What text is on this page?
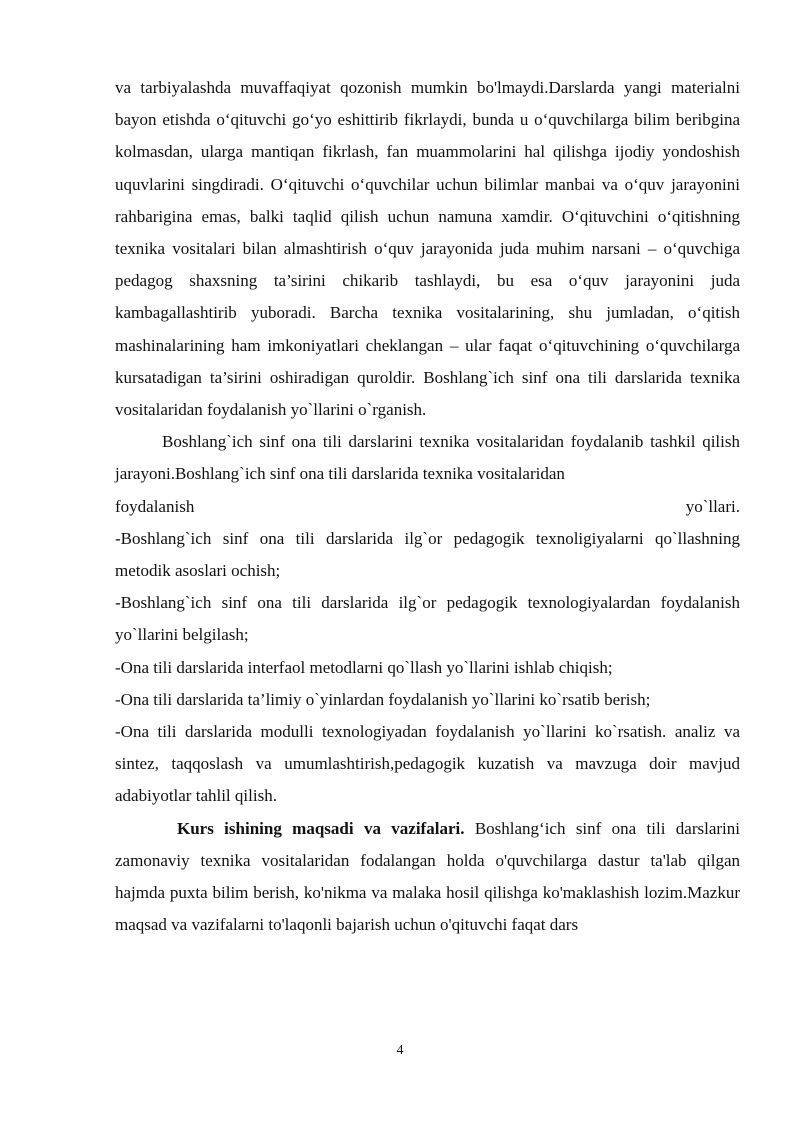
va tarbiyalashda muvaffaqiyat qozonish mumkin bo'lmaydi.Darslarda yangi materialni bayon etishda o‘qituvchi go‘yo eshittirib fikrlaydi, bunda u o‘quvchilarga bilim beribgina kolmasdan, ularga mantiqan fikrlash, fan muammolarini hal qilishga ijodiy yondoshish uquvlarini singdiradi. O‘qituvchi o‘quvchilar uchun bilimlar manbai va o‘quv jarayonini rahbarigina emas, balki taqlid qilish uchun namuna xamdir. O‘qituvchini o‘qitishning texnika vositalari bilan almashtirish o‘quv jarayonida juda muhim narsani – o‘quvchiga pedagog shaxsning ta’sirini chikarib tashlaydi, bu esa o‘quv jarayonini juda kambagallashtirib yuboradi. Barcha texnika vositalarining, shu jumladan, o‘qitish mashinalarining ham imkoniyatlari cheklangan – ular faqat o‘qituvchining o‘quvchilarga kursatadigan ta’sirini oshiradigan quroldir. Boshlang`ich sinf ona tili darslarida texnika vositalaridan foydalanish yo`llarini o`rganish.

Boshlang`ich sinf ona tili darslarini texnika vositalaridan foydalanib tashkil qilish jarayoni.Boshlang`ich sinf ona tili darslarida texnika vositalaridan

foydalanish	yo`llari.

-Boshlang`ich sinf ona tili darslarida ilg`or pedagogik texnoligiyalarni qo`llashning metodik asoslari ochish;

-Boshlang`ich sinf ona tili darslarida ilg`or pedagogik texnologiyalardan foydalanish yo`llarini belgilash;

-Ona tili darslarida interfaol metodlarni qo`llash yo`llarini ishlab chiqish;

-Ona tili darslarida ta’limiy o`yinlardan foydalanish yo`llarini ko`rsatib berish;

-Ona tili darslarida modulli texnologiyadan foydalanish yo`llarini ko`rsatish. analiz va sintez, taqqoslash va umumlashtirish,pedagogik kuzatish va mavzuga doir mavjud adabiyotlar tahlil qilish.

Kurs ishining maqsadi va vazifalari. Boshlang‘ich sinf ona tili darslarini zamonaviy texnika vositalaridan fodalangan holda o'quvchilarga dastur ta'lab qilgan hajmda puxta bilim berish, ko'nikma va malaka hosil qilishga ko'maklashish lozim.Mazkur maqsad va vazifalarni to'laqonli bajarish uchun o'qituvchi faqat dars

4
